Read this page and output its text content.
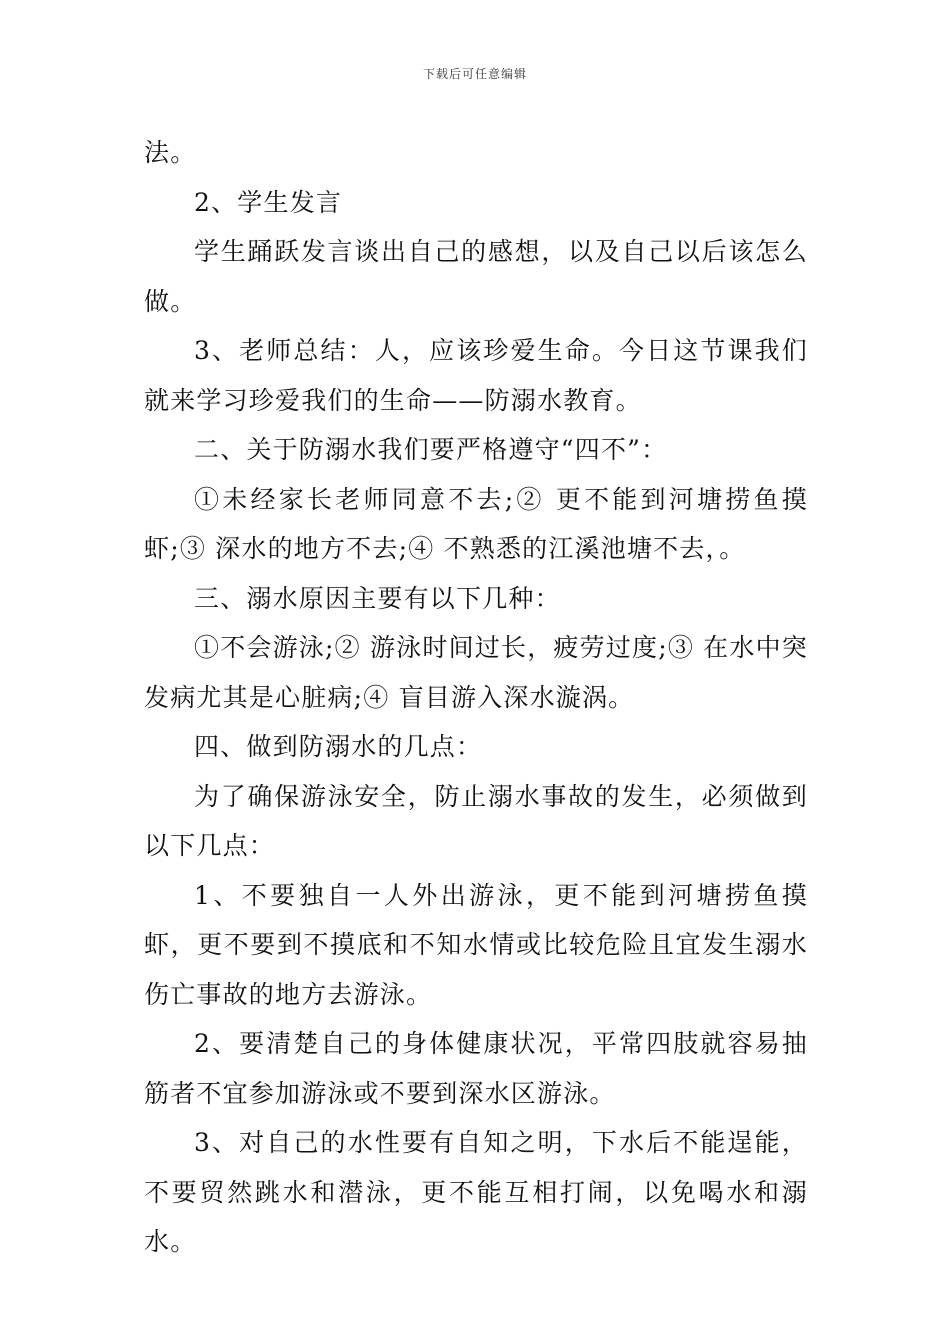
下载后可任意编辑

法。

2、学生发言

学生踊跃发言谈出自己的感想，以及自己以后该怎么做。

3、老师总结：人，应该珍爱生命。今日这节课我们就来学习珍爱我们的生命——防溺水教育。

二、关于防溺水我们要严格遵守“四不”：

①未经家长老师同意不去;② 更不能到河塘捞鱼摸虾;③ 深水的地方不去;④ 不熟悉的江溪池塘不去，。

三、溺水原因主要有以下几种：

①不会游泳;② 游泳时间过长，疲劳过度;③ 在水中突发病尤其是心脏病;④ 盲目游入深水漩涡。

四、做到防溺水的几点：

为了确保游泳安全，防止溺水事故的发生，必须做到以下几点：

1、不要独自一人外出游泳，更不能到河塘捞鱼摸虾，更不要到不摸底和不知水情或比较危险且宜发生溺水伤亡事故的地方去游泳。

2、要清楚自己的身体健康状况，平常四肢就容易抽筋者不宜参加游泳或不要到深水区游泳。

3、对自己的水性要有自知之明，下水后不能逞能，不要贸然跳水和潜泳，更不能互相打闹，以免喝水和溺水。
